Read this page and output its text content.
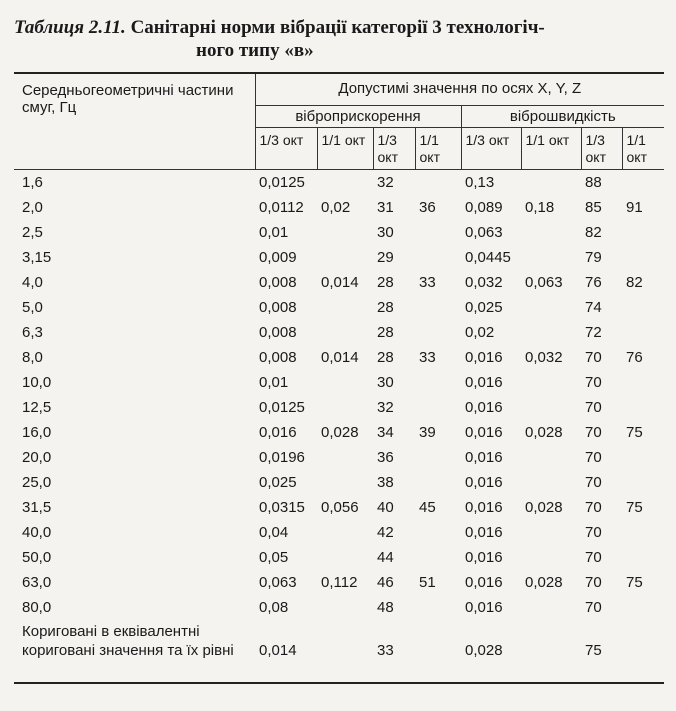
Таблиця 2.11. Санітарні норми вібрації категорії 3 технологіч-
ного типу «в»
Середньогеометричні частини смуг, Гц	Допустимі значення по осях X, Y, Z							
	віброприскорення				віброшвидкість			
	1/3 окт	1/1 окт	1/3 окт	1/1 окт	1/3 окт	1/1 окт	1/3 окт	1/1 окт
1,6	0,0125		32		0,13		88	
2,0	0,0112	0,02	31	36	0,089	0,18	85	91
2,5	0,01		30		0,063		82	
3,15	0,009		29		0,0445		79	
4,0	0,008	0,014	28	33	0,032	0,063	76	82
5,0	0,008		28		0,025		74	
6,3	0,008		28		0,02		72	
8,0	0,008	0,014	28	33	0,016	0,032	70	76
10,0	0,01		30		0,016		70	
12,5	0,0125		32		0,016		70	
16,0	0,016	0,028	34	39	0,016	0,028	70	75
20,0	0,0196		36		0,016		70	
25,0	0,025		38		0,016		70	
31,5	0,0315	0,056	40	45	0,016	0,028	70	75
40,0	0,04		42		0,016		70	
50,0	0,05		44		0,016		70	
63,0	0,063	0,112	46	51	0,016	0,028	70	75
80,0	0,08		48		0,016		70	
Кориговані в еквівалентні кориговані значення та їх рівні	0,014		33		0,028		75	
